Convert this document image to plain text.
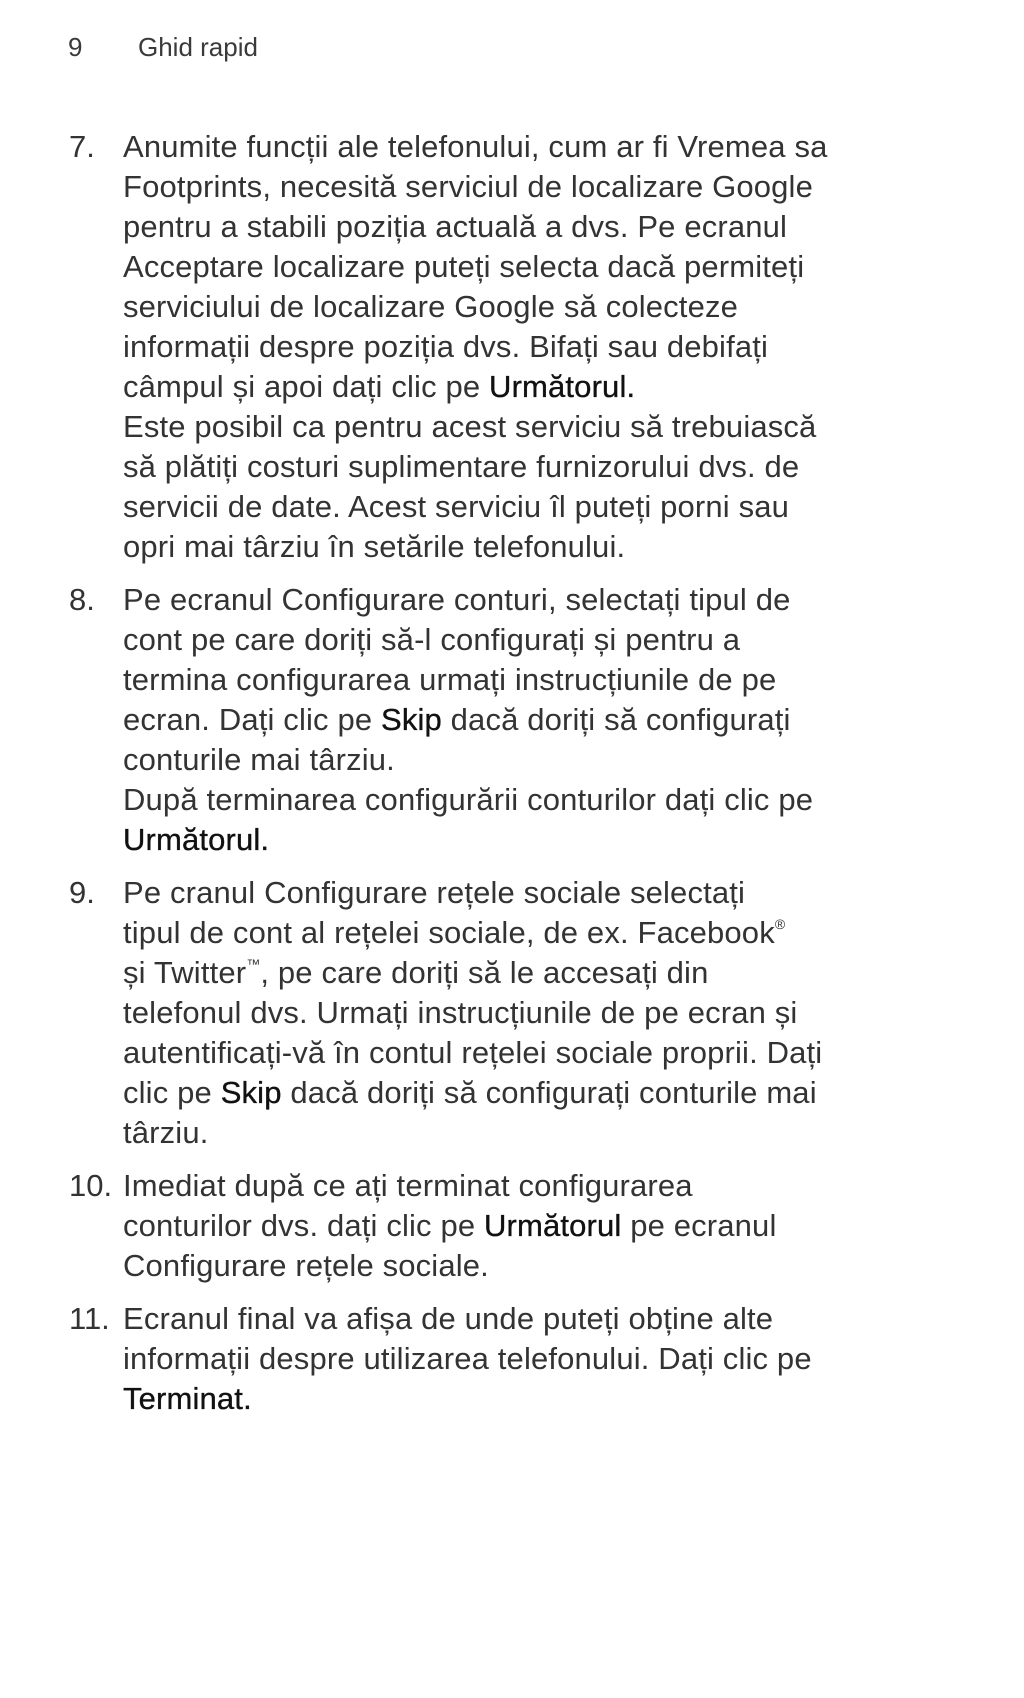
9 Ghid rapid
7. Anumite funcții ale telefonului, cum ar fi Vremea sa
Footprints, necesită serviciul de localizare Google
pentru a stabili poziția actuală a dvs. Pe ecranul
Acceptare localizare puteți selecta dacă permiteți
serviciului de localizare Google să colecteze
informații despre poziția dvs. Bifați sau debifați
câmpul și apoi dați clic pe Următorul.
Este posibil ca pentru acest serviciu să trebuiască
să plătiți costuri suplimentare furnizorului dvs. de
servicii de date. Acest serviciu îl puteți porni sau
opri mai târziu în setările telefonului.
8. Pe ecranul Configurare conturi, selectați tipul de
cont pe care doriți să-l configurați și pentru a
termina configurarea urmați instrucțiunile de pe
ecran. Dați clic pe Skip dacă doriți să configurați
conturile mai târziu.
După terminarea configurării conturilor dați clic pe
Următorul.
9. Pe cranul Configurare rețele sociale selectați
tipul de cont al rețelei sociale, de ex. Facebook®
și Twitter™, pe care doriți să le accesați din
telefonul dvs. Urmați instrucțiunile de pe ecran și
autentificați-vă în contul rețelei sociale proprii. Dați
clic pe Skip dacă doriți să configurați conturile mai
târziu.
10. Imediat după ce ați terminat configurarea
conturilor dvs. dați clic pe Următorul pe ecranul
Configurare rețele sociale.
11. Ecranul final va afișa de unde puteți obține alte
informații despre utilizarea telefonului. Dați clic pe
Terminat.
